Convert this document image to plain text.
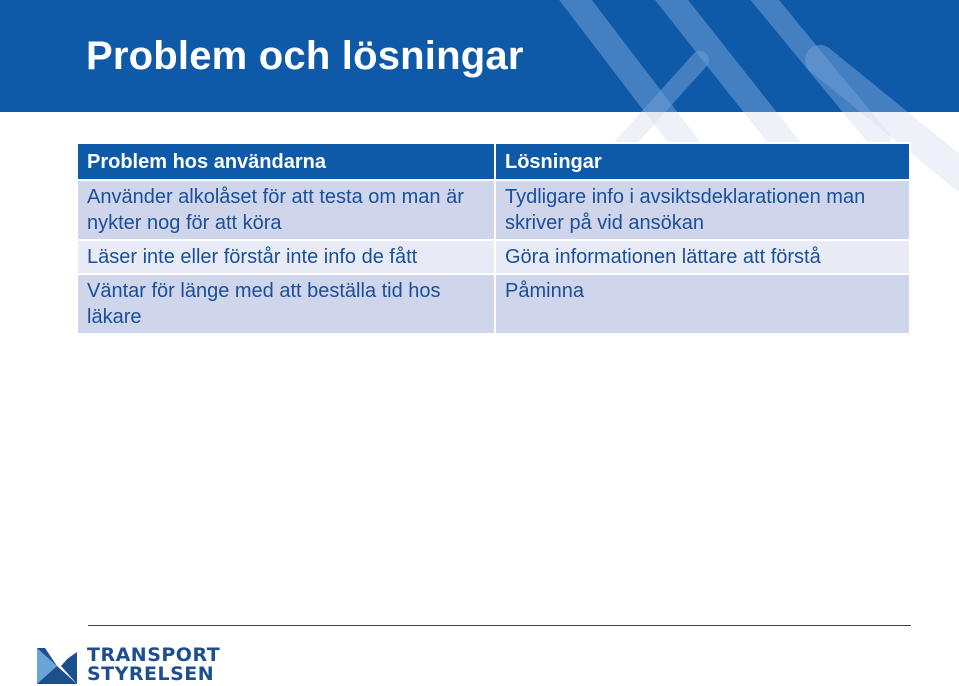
Problem och lösningar
Problem hos användarna	Lösningar
Använder alkolåset för att testa om man är nykter nog för att köra	Tydligare info i avsiktsdeklarationen man skriver på vid ansökan
Läser inte eller förstår inte info de fått	Göra informationen lättare att förstå
Väntar för länge med att beställa tid hos läkare	Påminna
TRANSPORT
STYRELSEN
